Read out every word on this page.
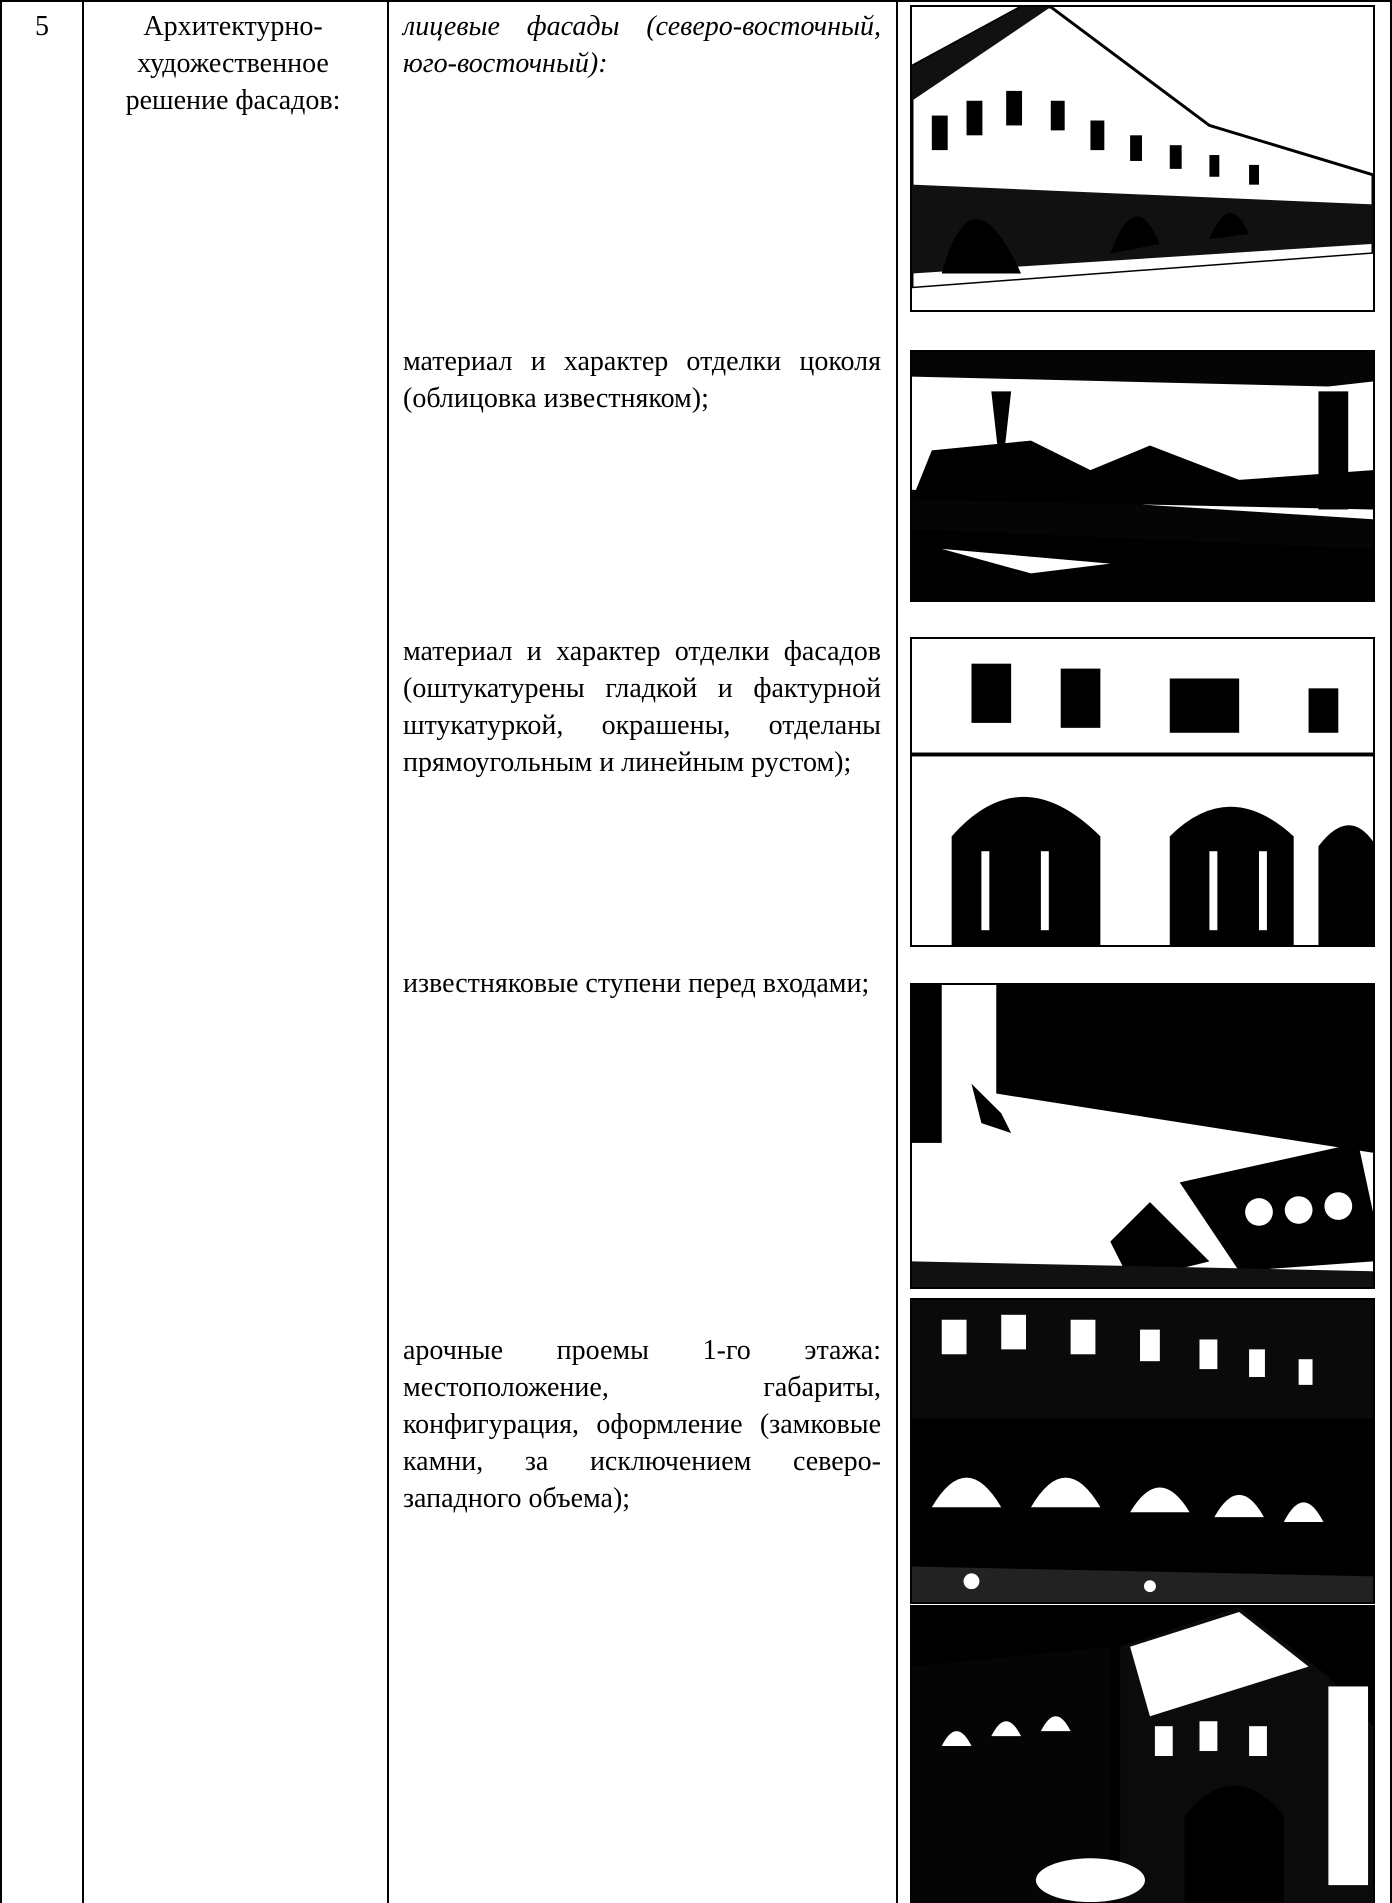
5	Архитектурно-
художественное
решение фасадов:
лицевые фасады (северо-восточный, юго-восточный):
материал и характер отделки цоколя (облицовка известняком);
материал и характер отделки фасадов (оштукатурены гладкой и фактурной штукатуркой, окрашены, отделаны прямоугольным и линейным рустом);
известняковые ступени перед входами;
арочные проемы 1-го этажа: местоположение, габариты, конфигурация, оформление (замковые камни, за исключением северо-западного объема);
